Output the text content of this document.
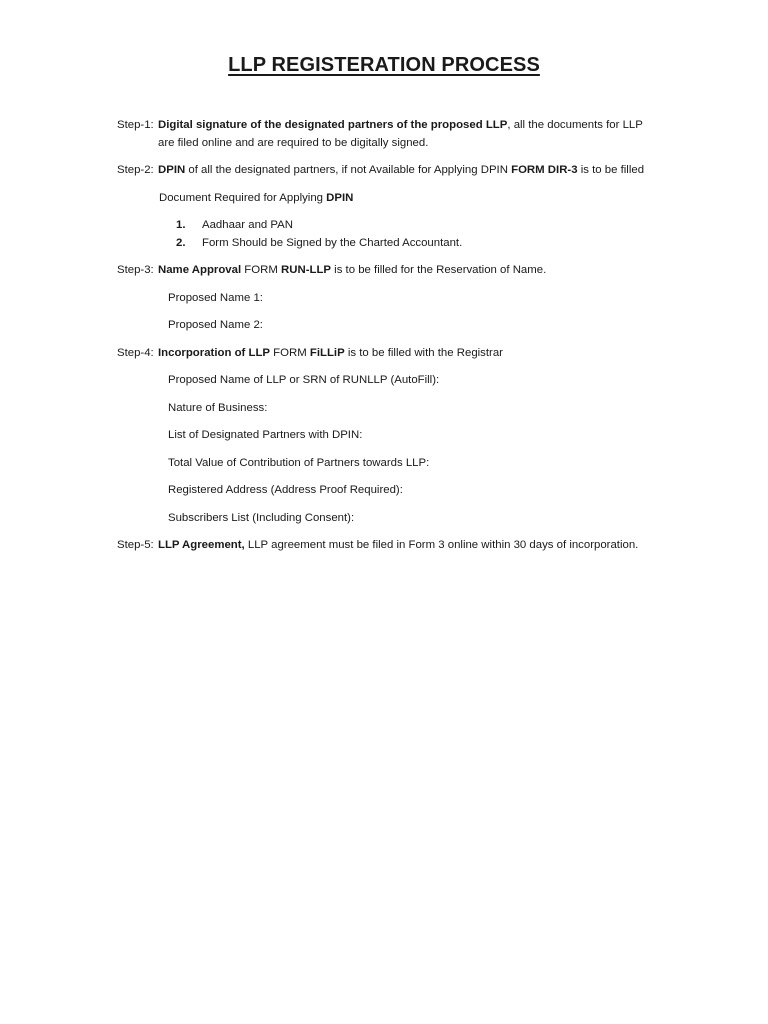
LLP REGISTERATION PROCESS
Step-1: Digital signature of the designated partners of the proposed LLP, all the documents for LLP are filed online and are required to be digitally signed.
Step-2: DPIN of all the designated partners, if not Available for Applying DPIN FORM DIR-3 is to be filled
Document Required for Applying DPIN
1. Aadhaar and PAN
2. Form Should be Signed by the Charted Accountant.
Step-3: Name Approval FORM RUN-LLP is to be filled for the Reservation of Name.
Proposed Name 1:
Proposed Name 2:
Step-4: Incorporation of LLP FORM FiLLiP is to be filled with the Registrar
Proposed Name of LLP or SRN of RUNLLP (AutoFill):
Nature of Business:
List of Designated Partners with DPIN:
Total Value of Contribution of Partners towards LLP:
Registered Address (Address Proof Required):
Subscribers List (Including Consent):
Step-5: LLP Agreement, LLP agreement must be filed in Form 3 online within 30 days of incorporation.
